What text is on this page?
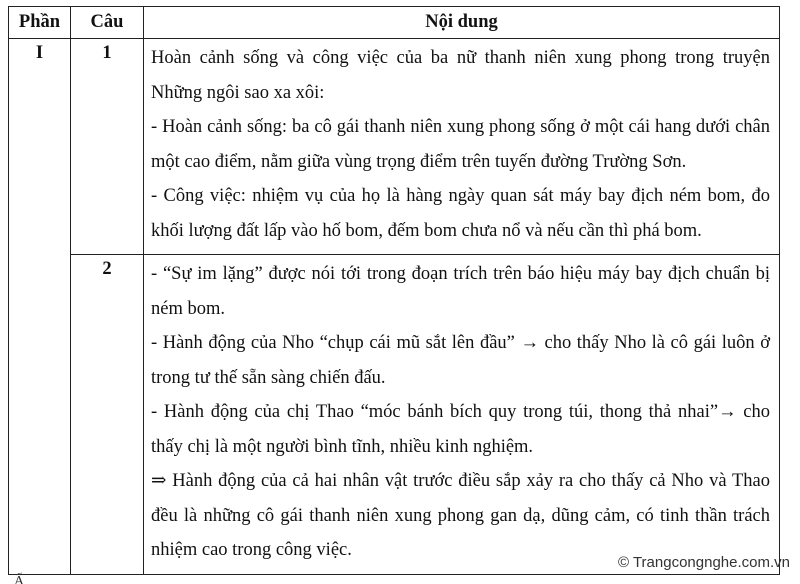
Phần	Câu	Nội dung
I	1	Hoàn cảnh sống và công việc của ba nữ thanh niên xung phong trong truyện Những ngôi sao xa xôi:

- Hoàn cảnh sống: ba cô gái thanh niên xung phong sống ở một cái hang dưới chân một cao điểm, nằm giữa vùng trọng điểm trên tuyến đường Trường Sơn.

- Công việc: nhiệm vụ của họ là hàng ngày quan sát máy bay địch ném bom, đo khối lượng đất lấp vào hố bom, đếm bom chưa nổ và nếu cần thì phá bom.

	2	- “Sự im lặng” được nói tới trong đoạn trích trên báo hiệu máy bay địch chuẩn bị ném bom.

- Hành động của Nho “chụp cái mũ sắt lên đầu” → cho thấy Nho là cô gái luôn ở trong tư thế sẵn sàng chiến đấu.

- Hành động của chị Thao “móc bánh bích quy trong túi, thong thả nhai”→ cho thấy chị là một người bình tĩnh, nhiều kinh nghiệm.

⇒ Hành động của cả hai nhân vật trước điều sắp xảy ra cho thấy cả Nho và Thao đều là những cô gái thanh niên xung phong gan dạ, dũng cảm, có tinh thần trách nhiệm cao trong công việc.

© Trangcongnghe.com.vn
Ấ
